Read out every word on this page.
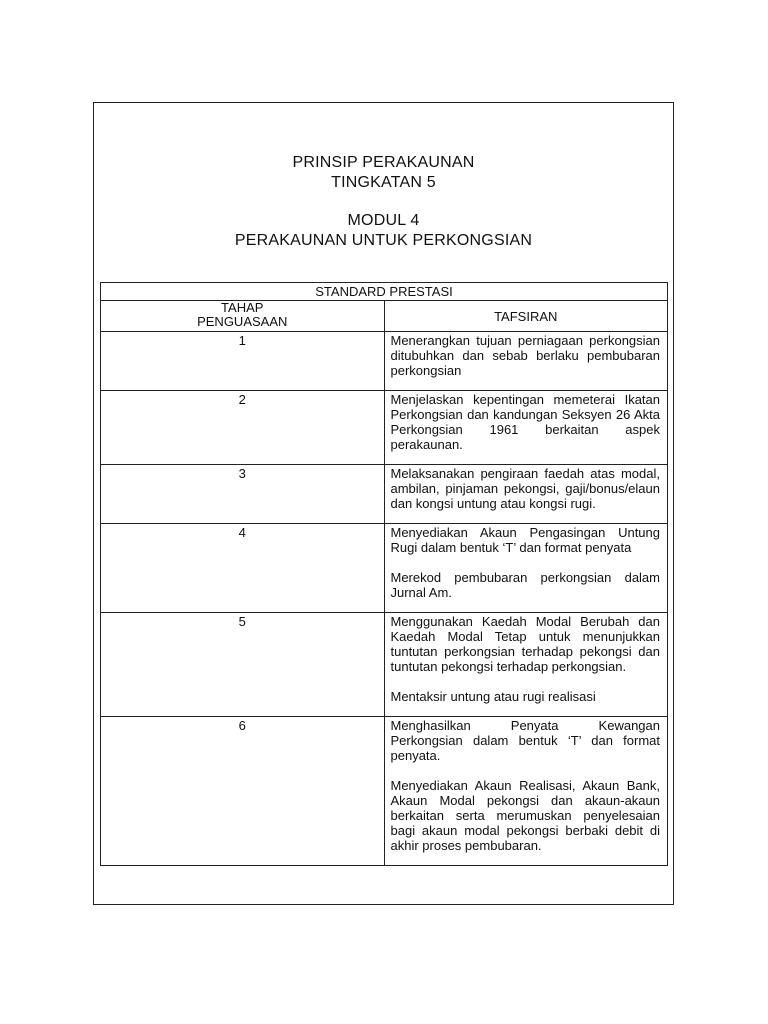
PRINSIP PERAKAUNAN
TINGKATAN 5
MODUL 4
PERAKAUNAN UNTUK PERKONGSIAN
STANDARD PRESTASI	

TAHAP
PENGUASAAN	TAFSIRAN

1	Menerangkan tujuan perniagaan perkongsian ditubuhkan dan sebab berlaku pembubaran perkongsian

2	Menjelaskan kepentingan memeterai Ikatan Perkongsian dan kandungan Seksyen 26 Akta Perkongsian 1961 berkaitan aspek perakaunan.

3	Melaksanakan pengiraan faedah atas modal, ambilan, pinjaman pekongsi, gaji/bonus/elaun dan kongsi untung atau kongsi rugi.

4	Menyediakan Akaun Pengasingan Untung Rugi dalam bentuk ‘T’ dan format penyata

Merekod pembubaran perkongsian dalam Jurnal Am.

5	Menggunakan Kaedah Modal Berubah dan Kaedah Modal Tetap untuk menunjukkan tuntutan perkongsian terhadap pekongsi dan tuntutan pekongsi terhadap perkongsian.

Mentaksir untung atau rugi realisasi

6	Menghasilkan Penyata Kewangan Perkongsian dalam bentuk ‘T’ dan format penyata.

Menyediakan Akaun Realisasi, Akaun Bank, Akaun Modal pekongsi dan akaun-akaun berkaitan serta merumuskan penyelesaian bagi akaun modal pekongsi berbaki debit di akhir proses pembubaran.
